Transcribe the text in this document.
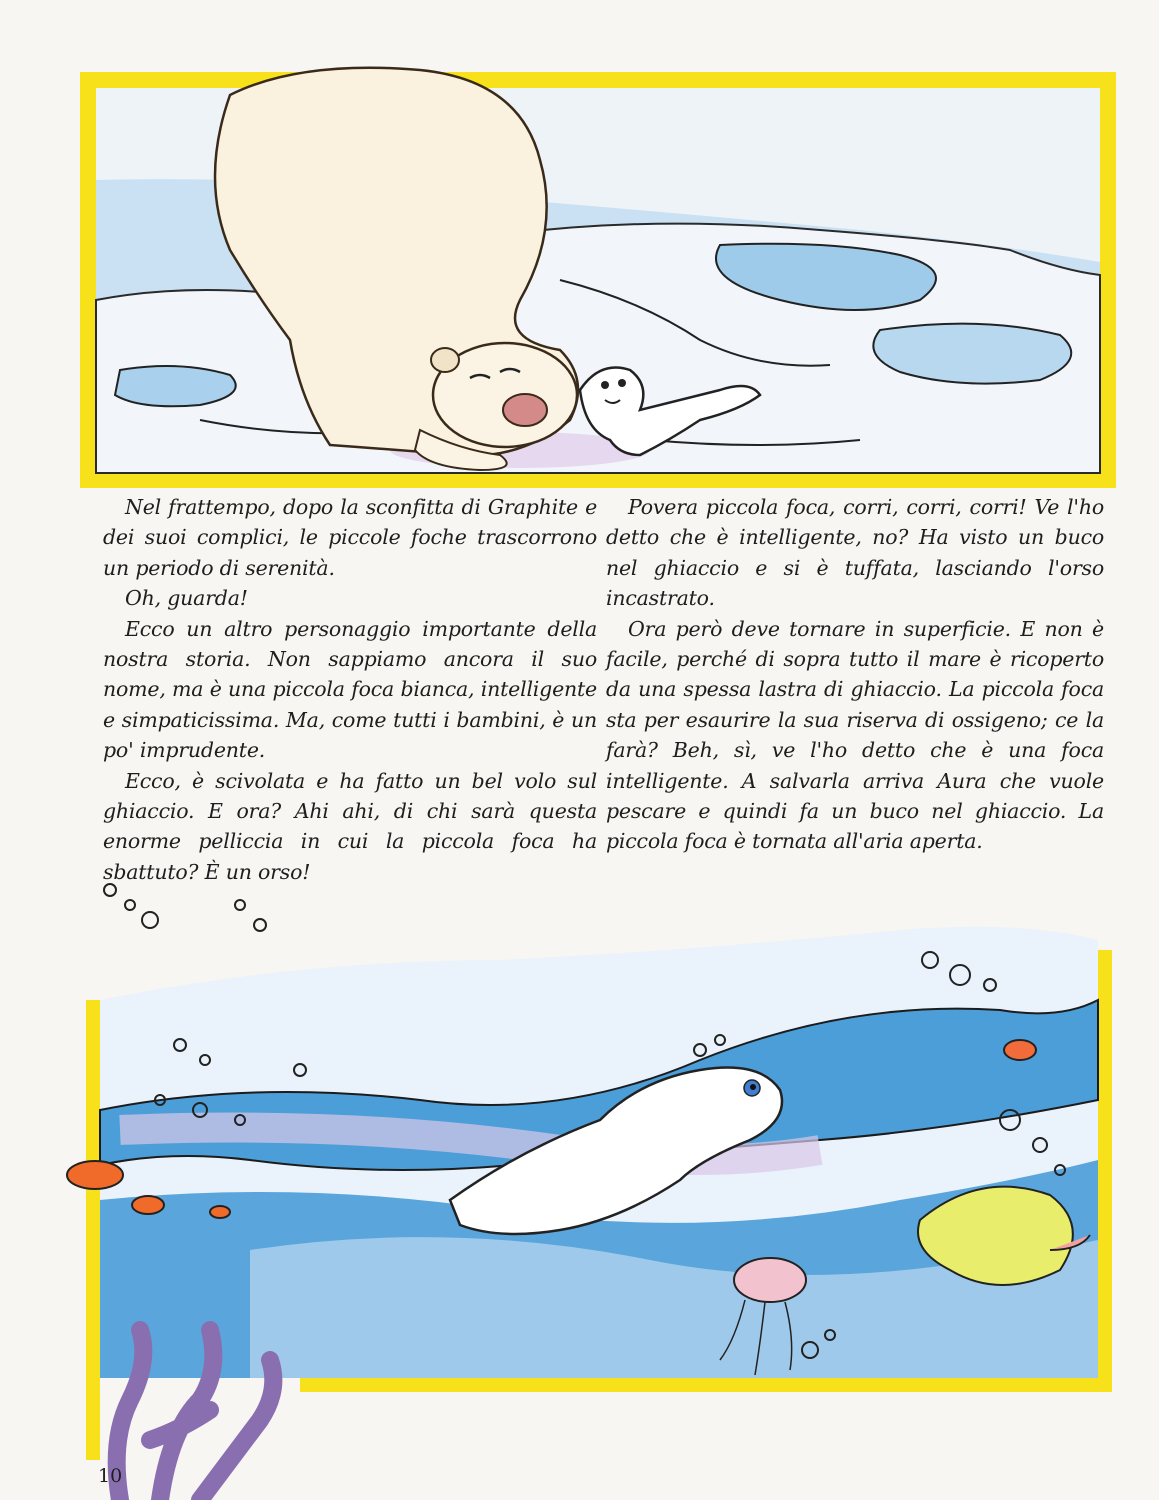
Nel frattempo, dopo la sconfitta di Graphite e dei suoi complici, le piccole foche trascorrono un periodo di serenità.

Oh, guarda!

Ecco un altro personaggio importante della nostra storia. Non sappiamo ancora il suo nome, ma è una piccola foca bianca, intelligente e simpaticissima. Ma, come tutti i bambini, è un po' imprudente.

Ecco, è scivolata e ha fatto un bel volo sul ghiaccio. E ora? Ahi ahi, di chi sarà questa enorme pelliccia in cui la piccola foca ha sbattuto? È un orso!

Povera piccola foca, corri, corri, corri! Ve l'ho detto che è intelligente, no? Ha visto un buco nel ghiaccio e si è tuffata, lasciando l'orso incastrato.

Ora però deve tornare in superficie. E non è facile, perché di sopra tutto il mare è ricoperto da una spessa lastra di ghiaccio. La piccola foca sta per esaurire la sua riserva di ossigeno; ce la farà? Beh, sì, ve l'ho detto che è una foca intelligente. A salvarla arriva Aura che vuole pescare e quindi fa un buco nel ghiaccio. La piccola foca è tornata all'aria aperta.

10
